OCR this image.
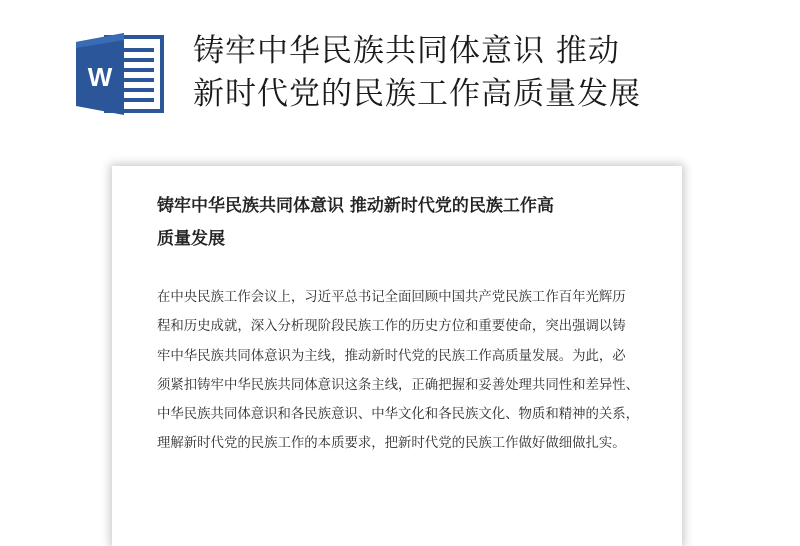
W
铸牢中华民族共同体意识 推动
新时代党的民族工作高质量发展
铸牢中华民族共同体意识 推动新时代党的民族工作高
质量发展

在中央民族工作会议上，习近平总书记全面回顾中国共产党民族工作百年光辉历
程和历史成就，深入分析现阶段民族工作的历史方位和重要使命，突出强调以铸
牢中华民族共同体意识为主线，推动新时代党的民族工作高质量发展。为此，必
须紧扣铸牢中华民族共同体意识这条主线，正确把握和妥善处理共同性和差异性、
中华民族共同体意识和各民族意识、中华文化和各民族文化、物质和精神的关系，
理解新时代党的民族工作的本质要求，把新时代党的民族工作做好做细做扎实。
